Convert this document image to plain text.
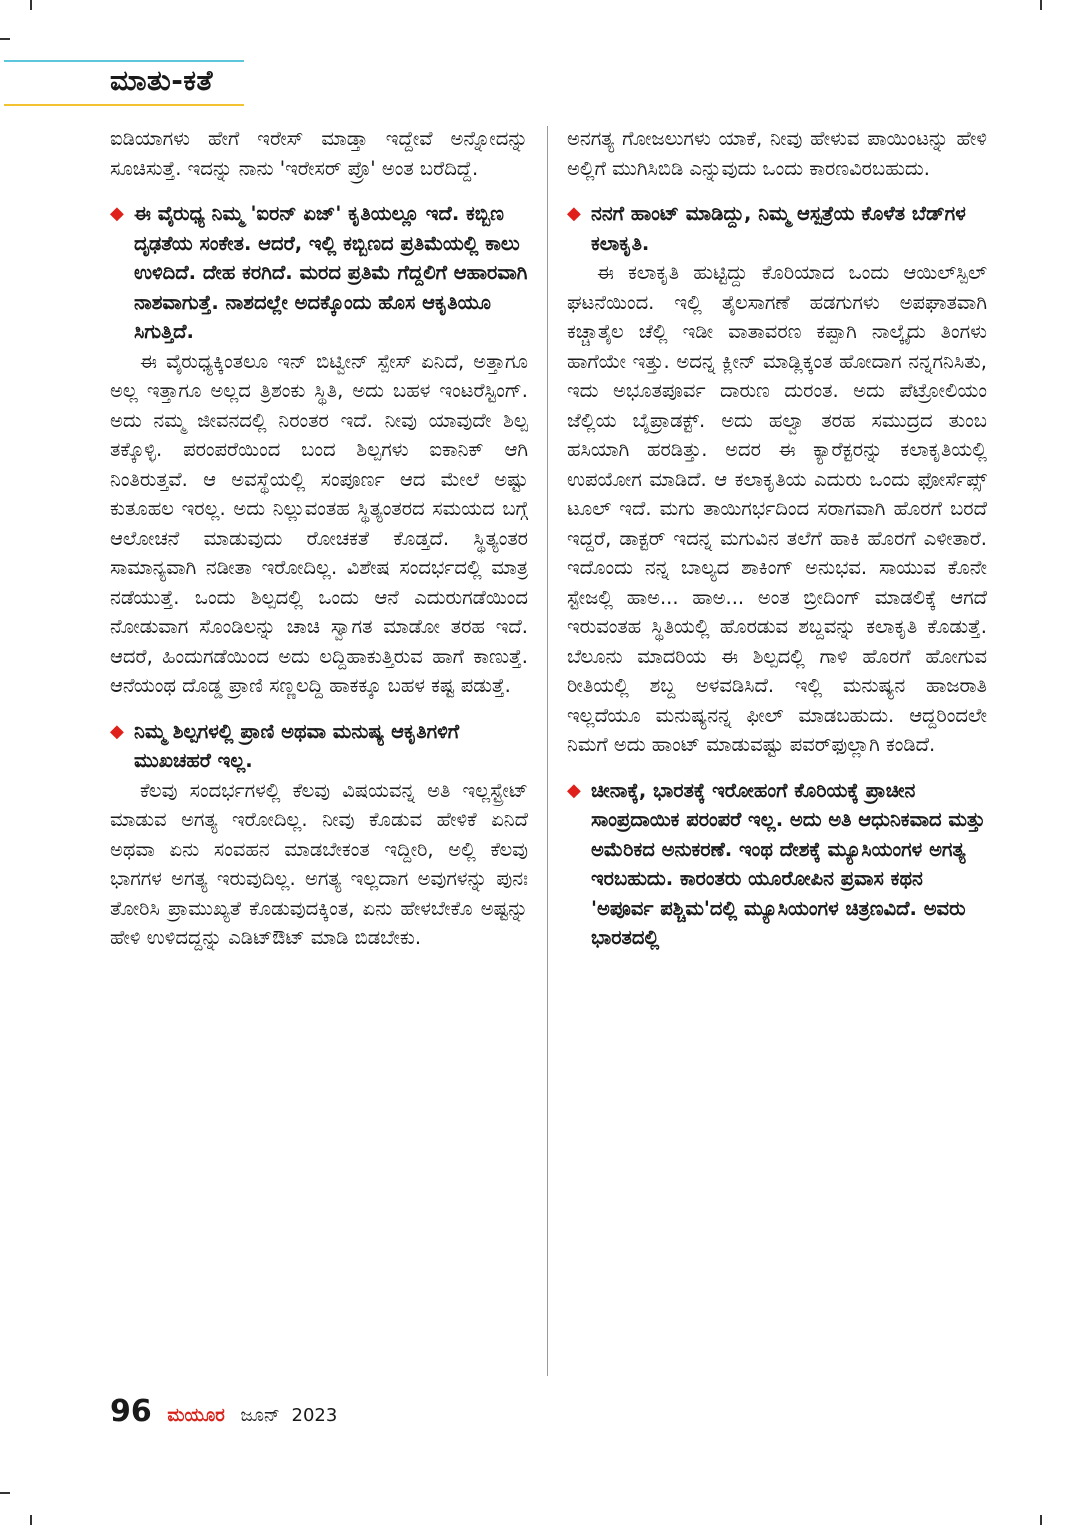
ಮಾತು-ಕತೆ

ಐಡಿಯಾಗಳು ಹೇಗೆ ಇರೇಸ್ ಮಾಡ್ತಾ ಇದ್ದೇವೆ ಅನ್ನೋದನ್ನು ಸೂಚಿಸುತ್ತೆ. ಇದನ್ನು ನಾನು 'ಇರೇಸರ್ ಪ್ರೊ' ಅಂತ ಬರೆದಿದ್ದೆ.

◆ ಈ ವೈರುಧ್ಯ ನಿಮ್ಮ 'ಐರನ್ ಏಜ್' ಕೃತಿಯಲ್ಲೂ ಇದೆ. ಕಬ್ಬಿಣ ದೃಢತೆಯ ಸಂಕೇತ. ಆದರೆ, ಇಲ್ಲಿ ಕಬ್ಬಿಣದ ಪ್ರತಿಮೆಯಲ್ಲಿ ಕಾಲು ಉಳಿದಿದೆ. ದೇಹ ಕರಗಿದೆ. ಮರದ ಪ್ರತಿಮೆ ಗೆದ್ದಲಿಗೆ ಆಹಾರವಾಗಿ ನಾಶವಾಗುತ್ತೆ. ನಾಶದಲ್ಲೇ ಅದಕ್ಕೊಂದು ಹೊಸ ಆಕೃತಿಯೂ ಸಿಗುತ್ತಿದೆ.

ಈ ವೈರುಧ್ಯಕ್ಕಿಂತಲೂ ಇನ್ ಬಿಟ್ವೀನ್ ಸ್ಪೇಸ್ ಏನಿದೆ, ಅತ್ತಾಗೂ ಅಲ್ಲ ಇತ್ತಾಗೂ ಅಲ್ಲದ ತ್ರಿಶಂಕು ಸ್ಥಿತಿ, ಅದು ಬಹಳ ಇಂಟರೆಸ್ಟಿಂಗ್. ಅದು ನಮ್ಮ ಜೀವನದಲ್ಲಿ ನಿರಂತರ ಇದೆ. ನೀವು ಯಾವುದೇ ಶಿಲ್ಪ ತಕ್ಕೊಳ್ಳಿ. ಪರಂಪರೆಯಿಂದ ಬಂದ ಶಿಲ್ಪಗಳು ಐಕಾನಿಕ್ ಆಗಿ ನಿಂತಿರುತ್ತವೆ. ಆ ಅವಸ್ಥೆಯಲ್ಲಿ ಸಂಪೂರ್ಣ ಆದ ಮೇಲೆ ಅಷ್ಟು ಕುತೂಹಲ ಇರಲ್ಲ. ಅದು ನಿಲ್ಲುವಂತಹ ಸ್ಥಿತ್ಯಂತರದ ಸಮಯದ ಬಗ್ಗೆ ಆಲೋಚನೆ ಮಾಡುವುದು ರೋಚಕತೆ ಕೊಡ್ತದೆ. ಸ್ಥಿತ್ಯಂತರ ಸಾಮಾನ್ಯವಾಗಿ ನಡೀತಾ ಇರೋದಿಲ್ಲ. ವಿಶೇಷ ಸಂದರ್ಭದಲ್ಲಿ ಮಾತ್ರ ನಡೆಯುತ್ತೆ. ಒಂದು ಶಿಲ್ಪದಲ್ಲಿ ಒಂದು ಆನೆ ಎದುರುಗಡೆಯಿಂದ ನೋಡುವಾಗ ಸೊಂಡಿಲನ್ನು ಚಾಚಿ ಸ್ವಾಗತ ಮಾಡೋ ತರಹ ಇದೆ. ಆದರೆ, ಹಿಂದುಗಡೆಯಿಂದ ಅದು ಲದ್ದಿಹಾಕುತ್ತಿರುವ ಹಾಗೆ ಕಾಣುತ್ತೆ. ಆನೆಯಂಥ ದೊಡ್ಡ ಪ್ರಾಣಿ ಸಣ್ಣಲದ್ದಿ ಹಾಕಕ್ಕೂ ಬಹಳ ಕಷ್ಟ ಪಡುತ್ತೆ.

◆ ನಿಮ್ಮ ಶಿಲ್ಪಗಳಲ್ಲಿ ಪ್ರಾಣಿ ಅಥವಾ ಮನುಷ್ಯ ಆಕೃತಿಗಳಿಗೆ ಮುಖಚಹರೆ ಇಲ್ಲ.

ಕೆಲವು ಸಂದರ್ಭಗಳಲ್ಲಿ ಕೆಲವು ವಿಷಯವನ್ನ ಅತಿ ಇಲ್ಲಸ್ಟ್ರೇಟ್ ಮಾಡುವ ಅಗತ್ಯ ಇರೋದಿಲ್ಲ. ನೀವು ಕೊಡುವ ಹೇಳಿಕೆ ಏನಿದೆ ಅಥವಾ ಏನು ಸಂವಹನ ಮಾಡಬೇಕಂತ ಇದ್ದೀರಿ, ಅಲ್ಲಿ ಕೆಲವು ಭಾಗಗಳ ಅಗತ್ಯ ಇರುವುದಿಲ್ಲ. ಅಗತ್ಯ ಇಲ್ಲದಾಗ ಅವುಗಳನ್ನು ಪುನಃ ತೋರಿಸಿ ಪ್ರಾಮುಖ್ಯತೆ ಕೊಡುವುದಕ್ಕಿಂತ, ಏನು ಹೇಳಬೇಕೊ ಅಷ್ಟನ್ನು ಹೇಳಿ ಉಳಿದದ್ದನ್ನು ಎಡಿಟ್‌ಔಟ್ ಮಾಡಿ ಬಿಡಬೇಕು.

ಅನಗತ್ಯ ಗೋಜಲುಗಳು ಯಾಕೆ, ನೀವು ಹೇಳುವ ಪಾಯಿಂಟನ್ನು ಹೇಳಿ ಅಲ್ಲಿಗೆ ಮುಗಿಸಿಬಿಡಿ ಎನ್ನುವುದು ಒಂದು ಕಾರಣವಿರಬಹುದು.

◆ ನನಗೆ ಹಾಂಟ್ ಮಾಡಿದ್ದು, ನಿಮ್ಮ ಆಸ್ಪತ್ರೆಯ ಕೊಳೆತ ಬೆಡ್‌ಗಳ ಕಲಾಕೃತಿ.

ಈ ಕಲಾಕೃತಿ ಹುಟ್ಟಿದ್ದು ಕೊರಿಯಾದ ಒಂದು ಆಯಿಲ್‌ಸ್ಪಿಲ್ ಘಟನೆಯಿಂದ. ಇಲ್ಲಿ ತೈಲಸಾಗಣೆ ಹಡಗುಗಳು ಅಪಘಾತವಾಗಿ ಕಚ್ಚಾತೈಲ ಚೆಲ್ಲಿ ಇಡೀ ವಾತಾವರಣ ಕಪ್ಪಾಗಿ ನಾಲ್ಕೈದು ತಿಂಗಳು ಹಾಗೆಯೇ ಇತ್ತು. ಅದನ್ನ ಕ್ಲೀನ್ ಮಾಡ್ಲಿಕ್ಕಂತ ಹೋದಾಗ ನನ್ನಗನಿಸಿತು, ಇದು ಅಭೂತಪೂರ್ವ ದಾರುಣ ದುರಂತ. ಅದು ಪೆಟ್ರೋಲಿಯಂ ಜೆಲ್ಲಿಯ ಬೈಪ್ರಾಡಕ್ಟ್. ಅದು ಹಲ್ವಾ ತರಹ ಸಮುದ್ರದ ತುಂಬ ಹಸಿಯಾಗಿ ಹರಡಿತ್ತು. ಅದರ ಈ ಕ್ಯಾರೆಕ್ಟರನ್ನು ಕಲಾಕೃತಿಯಲ್ಲಿ ಉಪಯೋಗ ಮಾಡಿದೆ. ಆ ಕಲಾಕೃತಿಯ ಎದುರು ಒಂದು ಫೋರ್ಸೆಪ್ಸ್ ಟೂಲ್ ಇದೆ. ಮಗು ತಾಯಿಗರ್ಭದಿಂದ ಸರಾಗವಾಗಿ ಹೊರಗೆ ಬರದೆ ಇದ್ದರೆ, ಡಾಕ್ಟರ್ ಇದನ್ನ ಮಗುವಿನ ತಲೆಗೆ ಹಾಕಿ ಹೊರಗೆ ಎಳೀತಾರೆ. ಇದೊಂದು ನನ್ನ ಬಾಲ್ಯದ ಶಾಕಿಂಗ್ ಅನುಭವ. ಸಾಯುವ ಕೊನೇ ಸ್ಟೇಜಲ್ಲಿ ಹಾಅ... ಹಾಅ... ಅಂತ ಬ್ರೀದಿಂಗ್ ಮಾಡಲಿಕ್ಕೆ ಆಗದೆ ಇರುವಂತಹ ಸ್ಥಿತಿಯಲ್ಲಿ ಹೊರಡುವ ಶಬ್ದವನ್ನು ಕಲಾಕೃತಿ ಕೊಡುತ್ತೆ. ಬೆಲೂನು ಮಾದರಿಯ ಈ ಶಿಲ್ಪದಲ್ಲಿ ಗಾಳಿ ಹೊರಗೆ ಹೋಗುವ ರೀತಿಯಲ್ಲಿ ಶಬ್ದ ಅಳವಡಿಸಿದೆ. ಇಲ್ಲಿ ಮನುಷ್ಯನ ಹಾಜರಾತಿ ಇಲ್ಲದೆಯೂ ಮನುಷ್ಯನನ್ನ ಫೀಲ್ ಮಾಡಬಹುದು. ಆದ್ದರಿಂದಲೇ ನಿಮಗೆ ಅದು ಹಾಂಟ್ ಮಾಡುವಷ್ಟು ಪವರ್‌ಫುಲ್ಲಾಗಿ ಕಂಡಿದೆ.

◆ ಚೀನಾಕ್ಕೆ, ಭಾರತಕ್ಕೆ ಇರೋಹಂಗೆ ಕೊರಿಯಕ್ಕೆ ಪ್ರಾಚೀನ ಸಾಂಪ್ರದಾಯಿಕ ಪರಂಪರೆ ಇಲ್ಲ. ಅದು ಅತಿ ಆಧುನಿಕವಾದ ಮತ್ತು ಅಮೆರಿಕದ ಅನುಕರಣೆ. ಇಂಥ ದೇಶಕ್ಕೆ ಮ್ಯೂಸಿಯಂಗಳ ಅಗತ್ಯ ಇರಬಹುದು. ಕಾರಂತರು ಯೂರೋಪಿನ ಪ್ರವಾಸ ಕಥನ 'ಅಪೂರ್ವ ಪಶ್ಚಿಮ'ದಲ್ಲಿ ಮ್ಯೂಸಿಯಂಗಳ ಚಿತ್ರಣವಿದೆ. ಅವರು ಭಾರತದಲ್ಲಿ
96 ಮಯೂರ ಜೂನ್ 2023
